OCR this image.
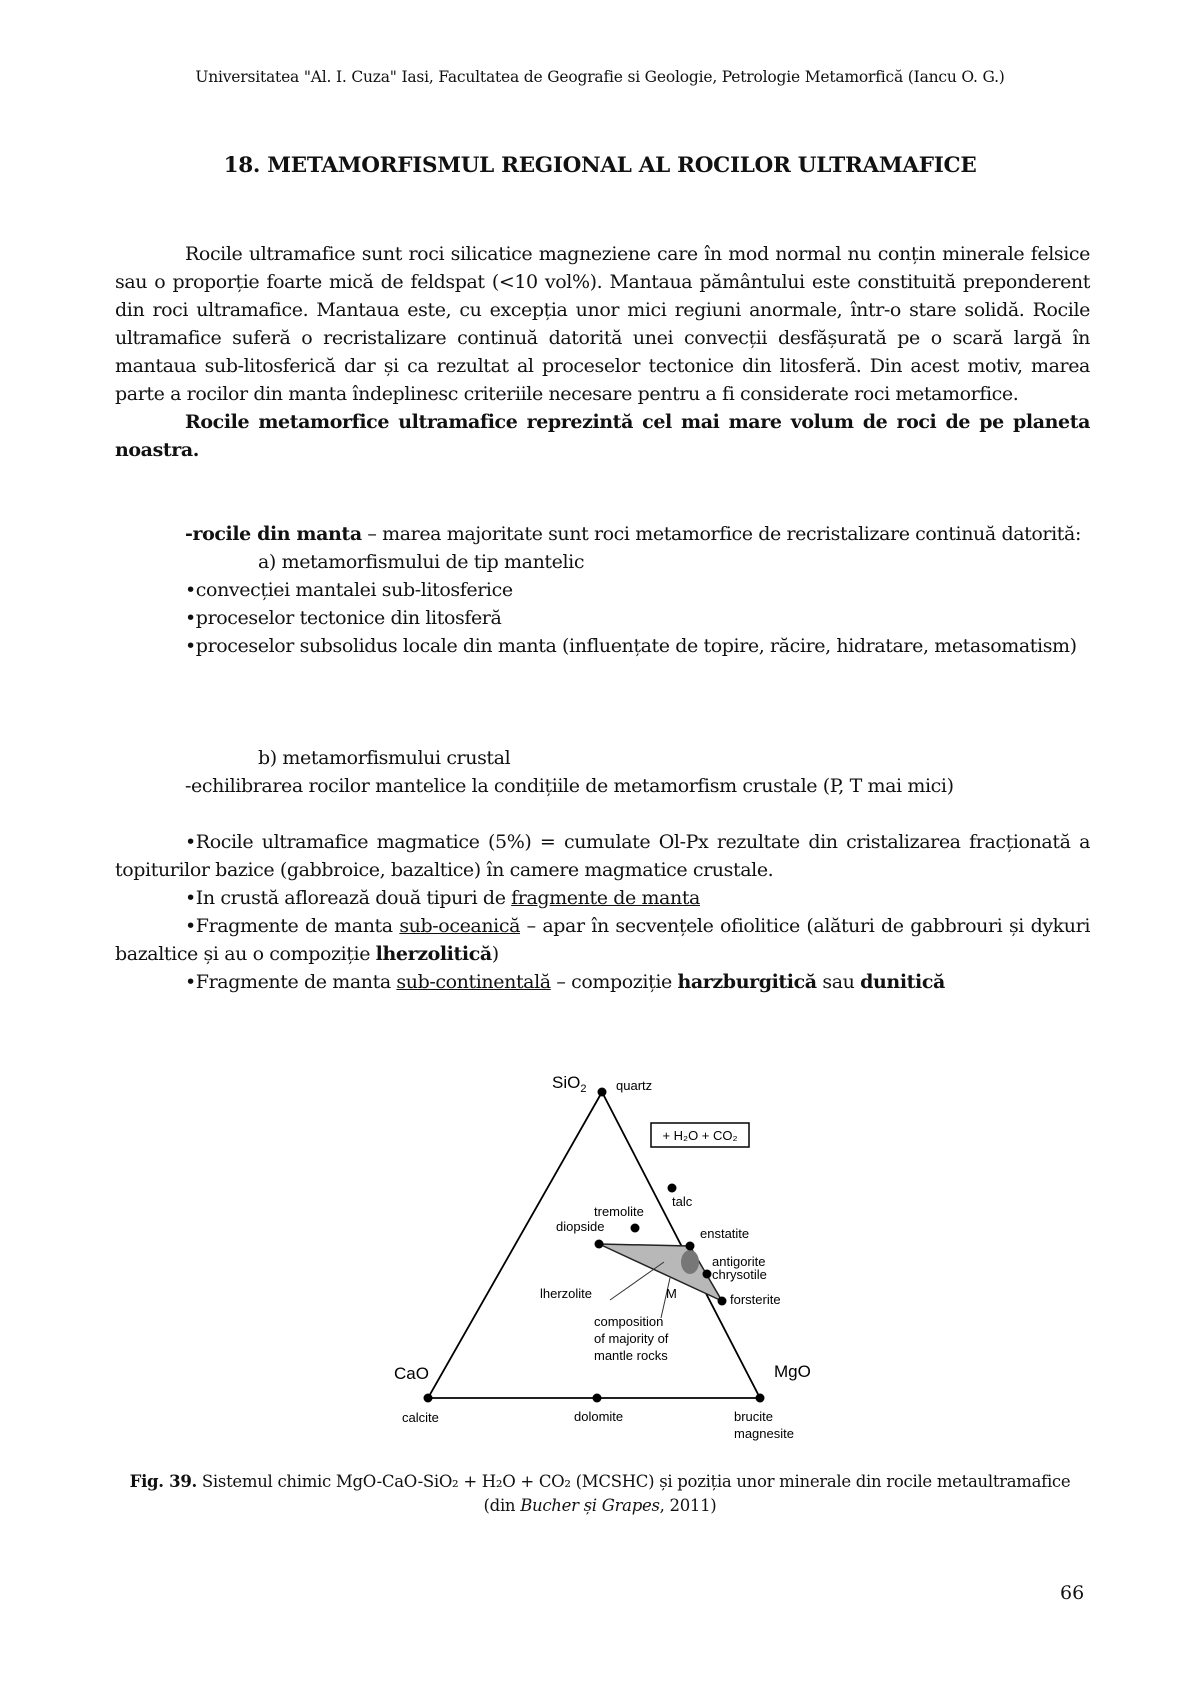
Universitatea "Al. I. Cuza" Iasi, Facultatea de Geografie si Geologie, Petrologie Metamorfică (Iancu O. G.)
18. METAMORFISMUL REGIONAL AL ROCILOR ULTRAMAFICE

Rocile ultramafice sunt roci silicatice magneziene care în mod normal nu conțin minerale felsice sau o proporție foarte mică de feldspat (<10 vol%). Mantaua pământului este constituită preponderent din roci ultramafice. Mantaua este, cu excepția unor mici regiuni anormale, într-o stare solidă. Rocile ultramafice suferă o recristalizare continuă datorită unei convecții desfășurată pe o scară largă în mantaua sub-litosferică dar și ca rezultat al proceselor tectonice din litosferă. Din acest motiv, marea parte a rocilor din manta îndeplinesc criteriile necesare pentru a fi considerate roci metamorfice.

Rocile metamorfice ultramafice reprezintă cel mai mare volum de roci de pe planeta noastra.

-rocile din manta – marea majoritate sunt roci metamorfice de recristalizare continuă datorită:

a) metamorfismului de tip mantelic

•convecției mantalei sub-litosferice

•proceselor tectonice din litosferă

•proceselor subsolidus locale din manta (influențate de topire, răcire, hidratare, metasomatism)

b) metamorfismului crustal

-echilibrarea rocilor mantelice la condițiile de metamorfism crustale (P, T mai mici)

•Rocile ultramafice magmatice (5%) = cumulate Ol-Px rezultate din cristalizarea fracționată a topiturilor bazice (gabbroice, bazaltice) în camere magmatice crustale.

•In crustă aflorează două tipuri de fragmente de manta

•Fragmente de manta sub-oceanică – apar în secvențele ofiolitice (alături de gabbrouri și dykuri bazaltice și au o compoziție lherzolitică)

•Fragmente de manta sub-continentală – compoziție harzburgitică sau dunitică

+ H₂O + CO₂
SiO$_2$ quartz
talc
tremolite
diopside	enstatite
antigorite
chrysotile
forsterite
lherzolite	M
composition
of majority of
mantle rocks
CaO	MgO
calcite	dolomite	brucite
magnesite
Fig. 39. Sistemul chimic MgO-CaO-SiO₂ + H₂O + CO₂ (MCSHC) și poziția unor minerale din rocile metaultramafice
(din Bucher și Grapes, 2011)
66
